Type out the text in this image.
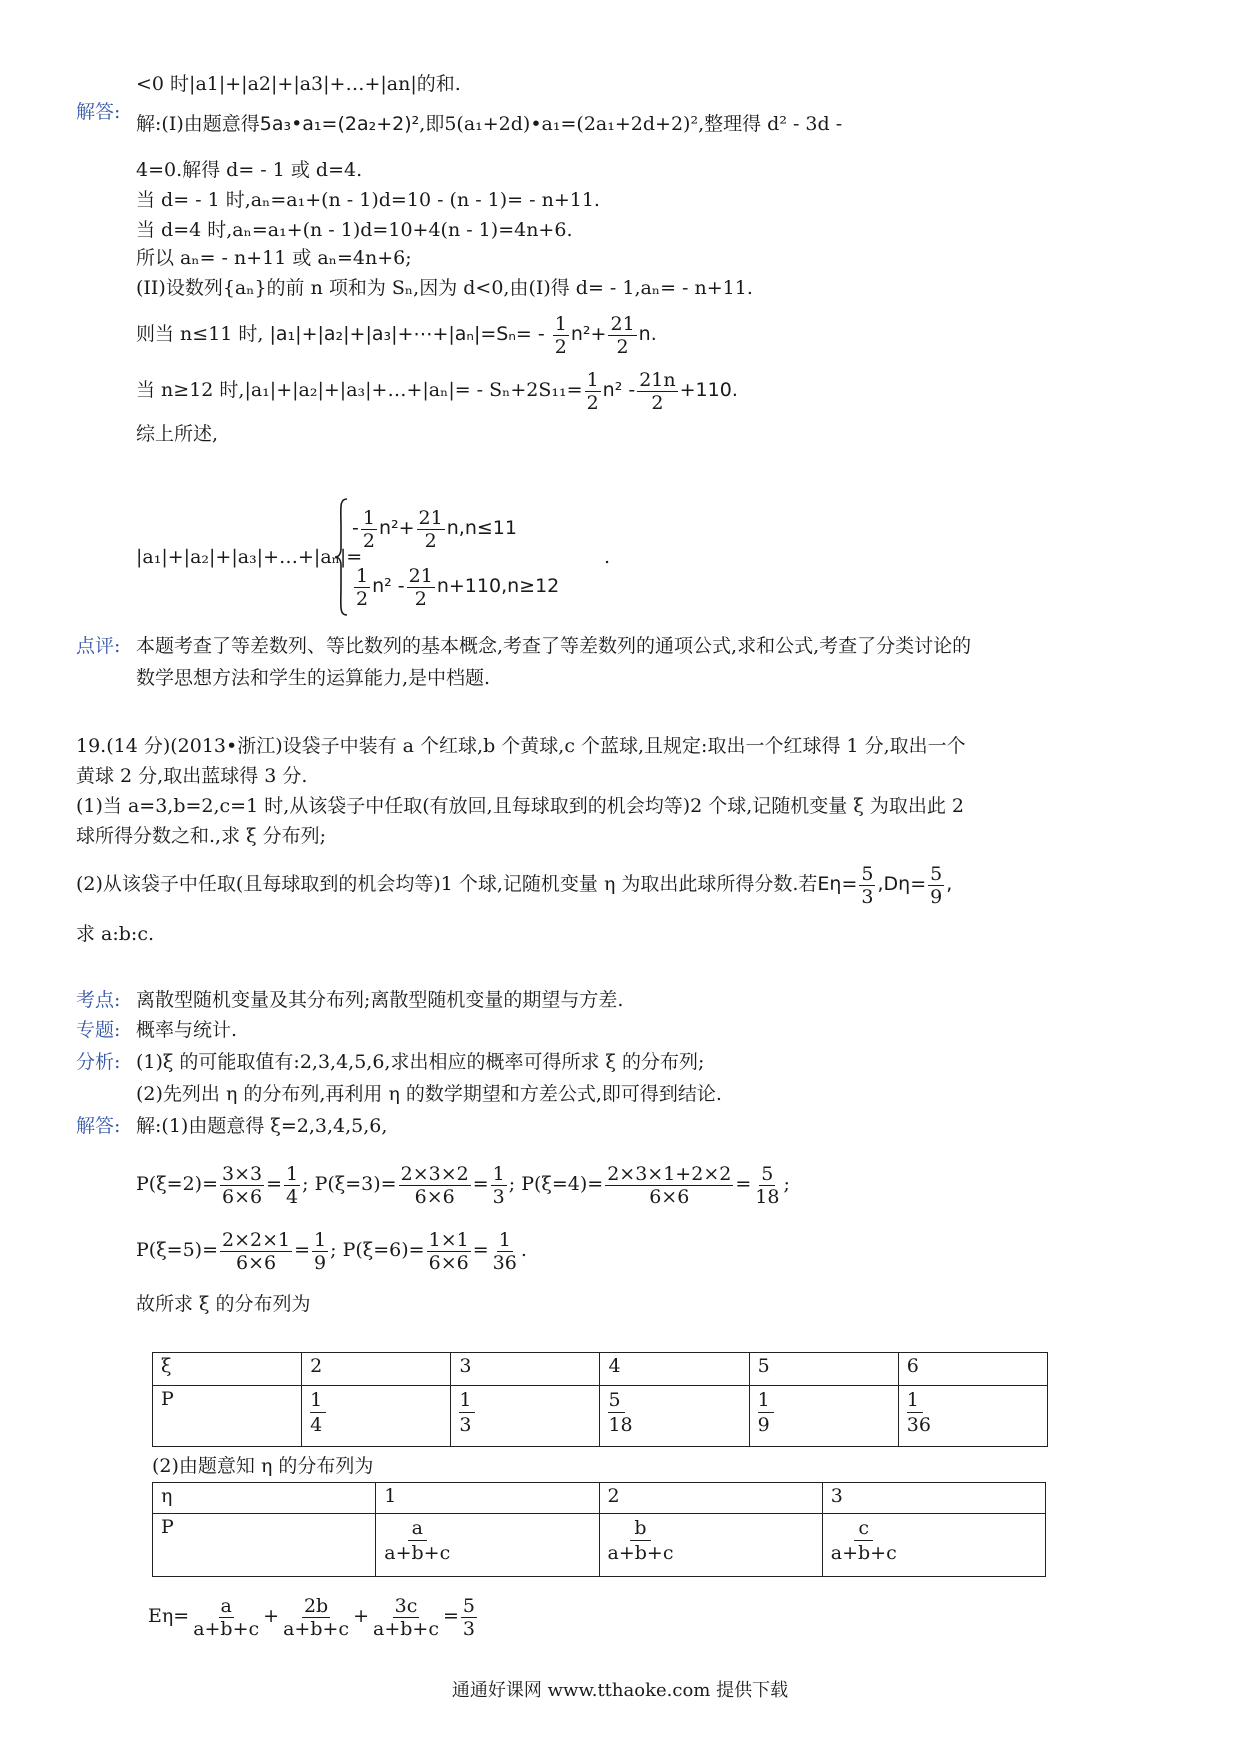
<0 时|a1|+|a2|+|a3|+…+|an|的和.
解答:
解:(I)由题意得5a₃•a₁=(2a₂+2)²,即5(a₁+2d)•a₁=(2a₁+2d+2)²,整理得 d² - 3d -
4=0.解得 d= - 1 或 d=4.
当 d= - 1 时,aₙ=a₁+(n - 1)d=10 - (n - 1)= - n+11.
当 d=4 时,aₙ=a₁+(n - 1)d=10+4(n - 1)=4n+6.
所以 aₙ= - n+11 或 aₙ=4n+6;
(II)设数列{aₙ}的前 n 项和为 Sₙ,因为 d<0,由(I)得 d= - 1,aₙ= - n+11.
则当 n≤11 时, |a₁|+|a₂|+|a₃|+⋯+|aₙ|=Sₙ= - $\frac{1}{2} n^2+ \frac{21}{2} n$.
当 n≥12 时,|a₁|+|a₂|+|a₃|+…+|aₙ|= - $S_n+2S_{11}= \frac{1}{2} n^2 - \frac{21n}{2} +110$.
综上所述,
|a₁|+|a₂|+|a₃|+…+|aₙ|=
- $\frac{1}{2} n^2+ \frac{21}{2} n,n\le 11$
$\frac{1}{2} n^2 - \frac{21}{2} n+110,n\ge 12$
.
点评: 本题考查了等差数列、等比数列的基本概念,考查了等差数列的通项公式,求和公式,考查了分类讨论的
数学思想方法和学生的运算能力,是中档题.
19.(14 分)(2013•浙江)设袋子中装有 a 个红球,b 个黄球,c 个蓝球,且规定:取出一个红球得 1 分,取出一个
黄球 2 分,取出蓝球得 3 分.
(1)当 a=3,b=2,c=1 时,从该袋子中任取(有放回,且每球取到的机会均等)2 个球,记随机变量 ξ 为取出此 2
球所得分数之和.,求 ξ 分布列;
(2)从该袋子中任取(且每球取到的机会均等)1 个球,记随机变量 η 为取出此球所得分数.若$E\eta= \frac{5}{3} ,D\eta= \frac{5}{9}$ ,
求 a:b:c.
考点: 离散型随机变量及其分布列;离散型随机变量的期望与方差.
专题: 概率与统计.
分析: (1)ξ 的可能取值有:2,3,4,5,6,求出相应的概率可得所求 ξ 的分布列;
(2)先列出 η 的分布列,再利用 η 的数学期望和方差公式,即可得到结论.
解答: 解:(1)由题意得 ξ=2,3,4,5,6,
$P(\xi=2)= \frac{3\times 3}{6\times 6} = \frac{1}{4}$ ; $P(\xi=3)= \frac{2\times 3\times 2}{6\times 6} = \frac{1}{3}$ ; $P(\xi=4)= \frac{2\times 3\times 1+2\times 2}{6\times 6} = \frac{5}{18}$ ;
$P(\xi=5)= \frac{2\times 2\times 1}{6\times 6} = \frac{1}{9}$ ; $P(\xi=6)= \frac{1\times 1}{6\times 6} = \frac{1}{36}$ .
故所求 ξ 的分布列为
ξ	2	3	4	5	6
P	$\frac{1}{4}$	$\frac{1}{3}$	$\frac{5}{18}$	$\frac{1}{9}$	$\frac{1}{36}$
(2)由题意知 η 的分布列为
η	1	2	3
P	$\frac{a}{a+b+c}$	$\frac{b}{a+b+c}$	$\frac{c}{a+b+c}$
$E\eta= \frac{a}{a+b+c} + \frac{2b}{a+b+c} + \frac{3c}{a+b+c} = \frac{5}{3}$
通通好课网 www.tthaoke.com 提供下载
